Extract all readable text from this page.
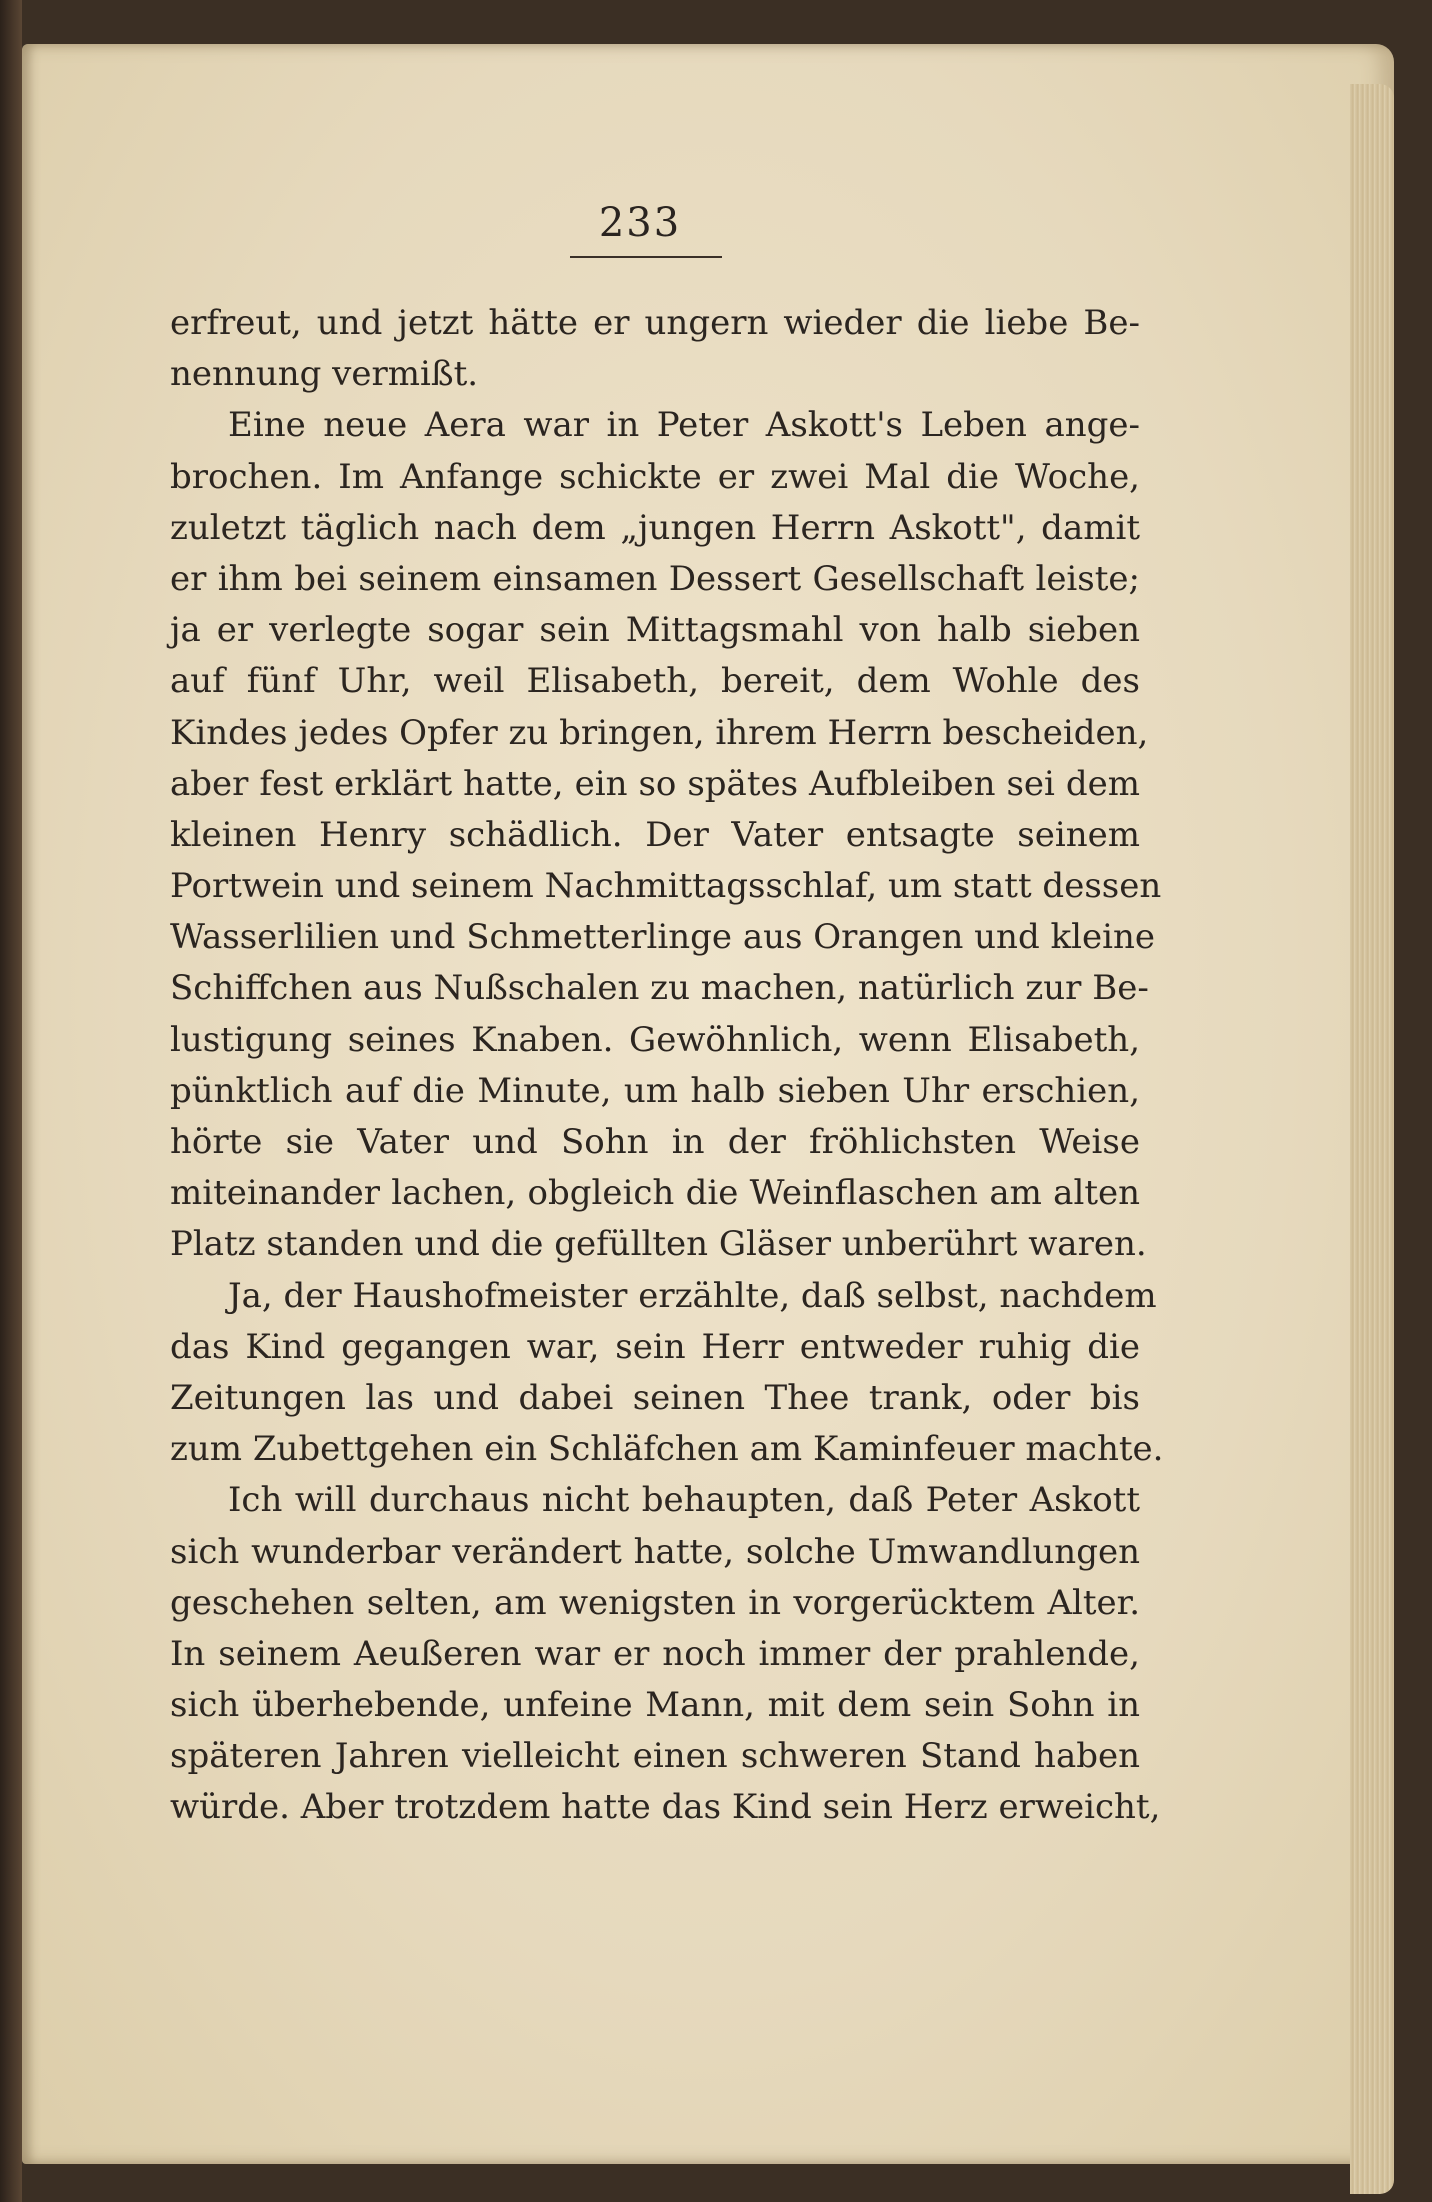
233
erfreut, und jetzt hätte er ungern wieder die liebe Be-
nennung vermißt.
Eine neue Aera war in Peter Askott's Leben ange-
brochen. Im Anfange schickte er zwei Mal die Woche,
zuletzt täglich nach dem „jungen Herrn Askott", damit
er ihm bei seinem einsamen Dessert Gesellschaft leiste;
ja er verlegte sogar sein Mittagsmahl von halb sieben
auf fünf Uhr, weil Elisabeth, bereit, dem Wohle des
Kindes jedes Opfer zu bringen, ihrem Herrn bescheiden,
aber fest erklärt hatte, ein so spätes Aufbleiben sei dem
kleinen Henry schädlich. Der Vater entsagte seinem
Portwein und seinem Nachmittagsschlaf, um statt dessen
Wasserlilien und Schmetterlinge aus Orangen und kleine
Schiffchen aus Nußschalen zu machen, natürlich zur Be-
lustigung seines Knaben. Gewöhnlich, wenn Elisabeth,
pünktlich auf die Minute, um halb sieben Uhr erschien,
hörte sie Vater und Sohn in der fröhlichsten Weise
miteinander lachen, obgleich die Weinflaschen am alten
Platz standen und die gefüllten Gläser unberührt waren.
Ja, der Haushofmeister erzählte, daß selbst, nachdem
das Kind gegangen war, sein Herr entweder ruhig die
Zeitungen las und dabei seinen Thee trank, oder bis
zum Zubettgehen ein Schläfchen am Kaminfeuer machte.
Ich will durchaus nicht behaupten, daß Peter Askott
sich wunderbar verändert hatte, solche Umwandlungen
geschehen selten, am wenigsten in vorgerücktem Alter.
In seinem Aeußeren war er noch immer der prahlende,
sich überhebende, unfeine Mann, mit dem sein Sohn in
späteren Jahren vielleicht einen schweren Stand haben
würde. Aber trotzdem hatte das Kind sein Herz erweicht,
